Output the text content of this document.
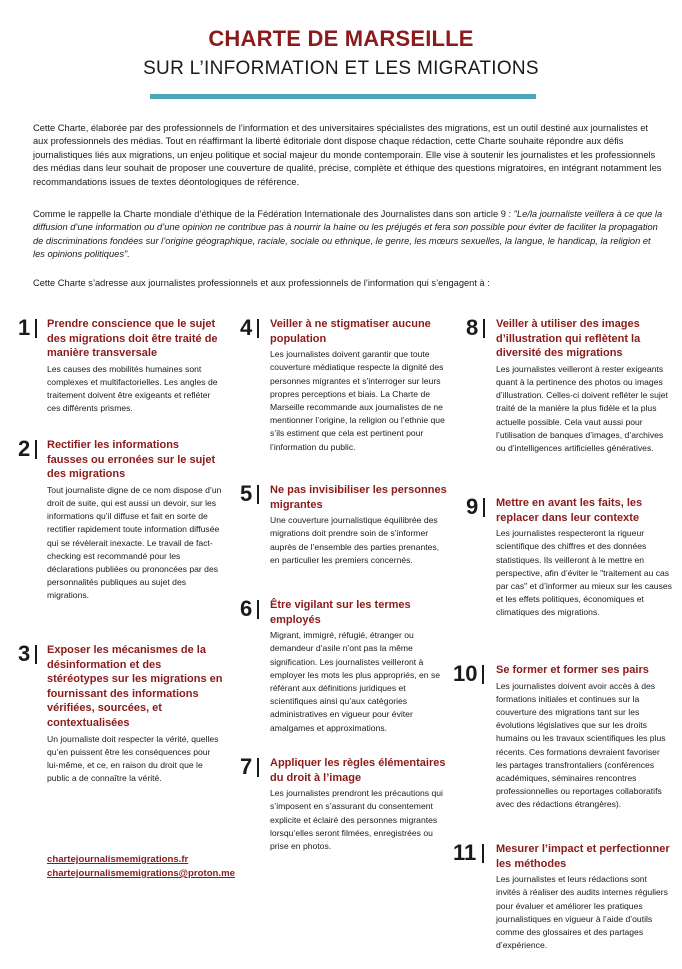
CHARTE DE MARSEILLE
SUR L’INFORMATION ET LES MIGRATIONS

Cette Charte, élaborée par des professionnels de l’information et des universitaires spécialistes des migrations, est un outil destiné aux journalistes et aux professionnels des médias. Tout en réaffirmant la liberté éditoriale dont dispose chaque rédaction, cette Charte souhaite répondre aux défis journalistiques liés aux migrations, un enjeu politique et social majeur du monde contemporain. Elle vise à soutenir les journalistes et les professionnels des médias dans leur souhait de proposer une couverture de qualité, précise, complète et éthique des questions migratoires, en intégrant notamment les recommandations issues de textes déontologiques de référence.

Comme le rappelle la Charte mondiale d’éthique de la Fédération Internationale des Journalistes dans son article 9 : "Le/la journaliste veillera à ce que la diffusion d’une information ou d’une opinion ne contribue pas à nourrir la haine ou les préjugés et fera son possible pour éviter de faciliter la propagation de discriminations fondées sur l’origine géographique, raciale, sociale ou ethnique, le genre, les mœurs sexuelles, la langue, le handicap, la religion et les opinions politiques".

Cette Charte s’adresse aux journalistes professionnels et aux professionnels de l’information qui s’engagent à :

1 Prendre conscience que le sujet des migrations doit être traité de manière transversale

Les causes des mobilités humaines sont complexes et multifactorielles. Les angles de traitement doivent être exigeants et refléter ces différents prismes.

2 Rectifier les informations fausses ou erronées sur le sujet des migrations

Tout journaliste digne de ce nom dispose d’un droit de suite, qui est aussi un devoir, sur les informations qu’il diffuse et fait en sorte de rectifier rapidement toute information diffusée qui se révèlerait inexacte. Le travail de fact-checking est recommandé pour les déclarations publiées ou prononcées par des personnalités publiques au sujet des migrations.

3 Exposer les mécanismes de la désinformation et des stéréotypes sur les migrations en fournissant des informations vérifiées, sourcées, et contextualisées

Un journaliste doit respecter la vérité, quelles qu’en puissent être les conséquences pour lui-même, et ce, en raison du droit que le public a de connaître la vérité.

chartejournalismemigrations.fr
chartejournalismemigrations@proton.me
4 Veiller à ne stigmatiser aucune population

Les journalistes doivent garantir que toute couverture médiatique respecte la dignité des personnes migrantes et s’interroger sur leurs propres perceptions et biais. La Charte de Marseille recommande aux journalistes de ne mentionner l’origine, la religion ou l’ethnie que s’ils estiment que cela est pertinent pour l’information du public.

5 Ne pas invisibiliser les personnes migrantes

Une couverture journalistique équilibrée des migrations doit prendre soin de s’informer auprès de l’ensemble des parties prenantes, en particulier les premiers concernés.

6 Être vigilant sur les termes employés

Migrant, immigré, réfugié, étranger ou demandeur d’asile n’ont pas la même signification. Les journalistes veilleront à employer les mots les plus appropriés, en se référant aux définitions juridiques et scientifiques ainsi qu’aux catégories administratives en vigueur pour éviter amalgames et approximations.

7 Appliquer les règles élémentaires du droit à l’image

Les journalistes prendront les précautions qui s’imposent en s’assurant du consentement explicite et éclairé des personnes migrantes lorsqu’elles seront filmées, enregistrées ou prise en photos.

8 Veiller à utiliser des images d’illustration qui reflètent la diversité des migrations

Les journalistes veilleront à rester exigeants quant à la pertinence des photos ou images d’illustration. Celles-ci doivent refléter le sujet traité de la manière la plus fidèle et la plus actuelle possible. Cela vaut aussi pour l’utilisation de banques d’images, d’archives ou d’intelligences artificielles génératives.

9 Mettre en avant les faits, les replacer dans leur contexte

Les journalistes respecteront la rigueur scientifique des chiffres et des données statistiques. Ils veilleront à le mettre en perspective, afin d’éviter le "traitement au cas par cas" et d’informer au mieux sur les causes et les effets politiques, économiques et climatiques des migrations.

10 Se former et former ses pairs

Les journalistes doivent avoir accès à des formations initiales et continues sur la couverture des migrations tant sur les évolutions législatives que sur les droits humains ou les travaux scientifiques les plus récents. Ces formations devraient favoriser les partages transfrontaliers (conférences académiques, séminaires rencontres professionnelles ou reportages collaboratifs avec des rédactions étrangères).

11 Mesurer l’impact et perfectionner les méthodes

Les journalistes et leurs rédactions sont invités à réaliser des audits internes réguliers pour évaluer et améliorer les pratiques journalistiques en vigueur à l’aide d’outils comme des glossaires et des partages d’expérience.
